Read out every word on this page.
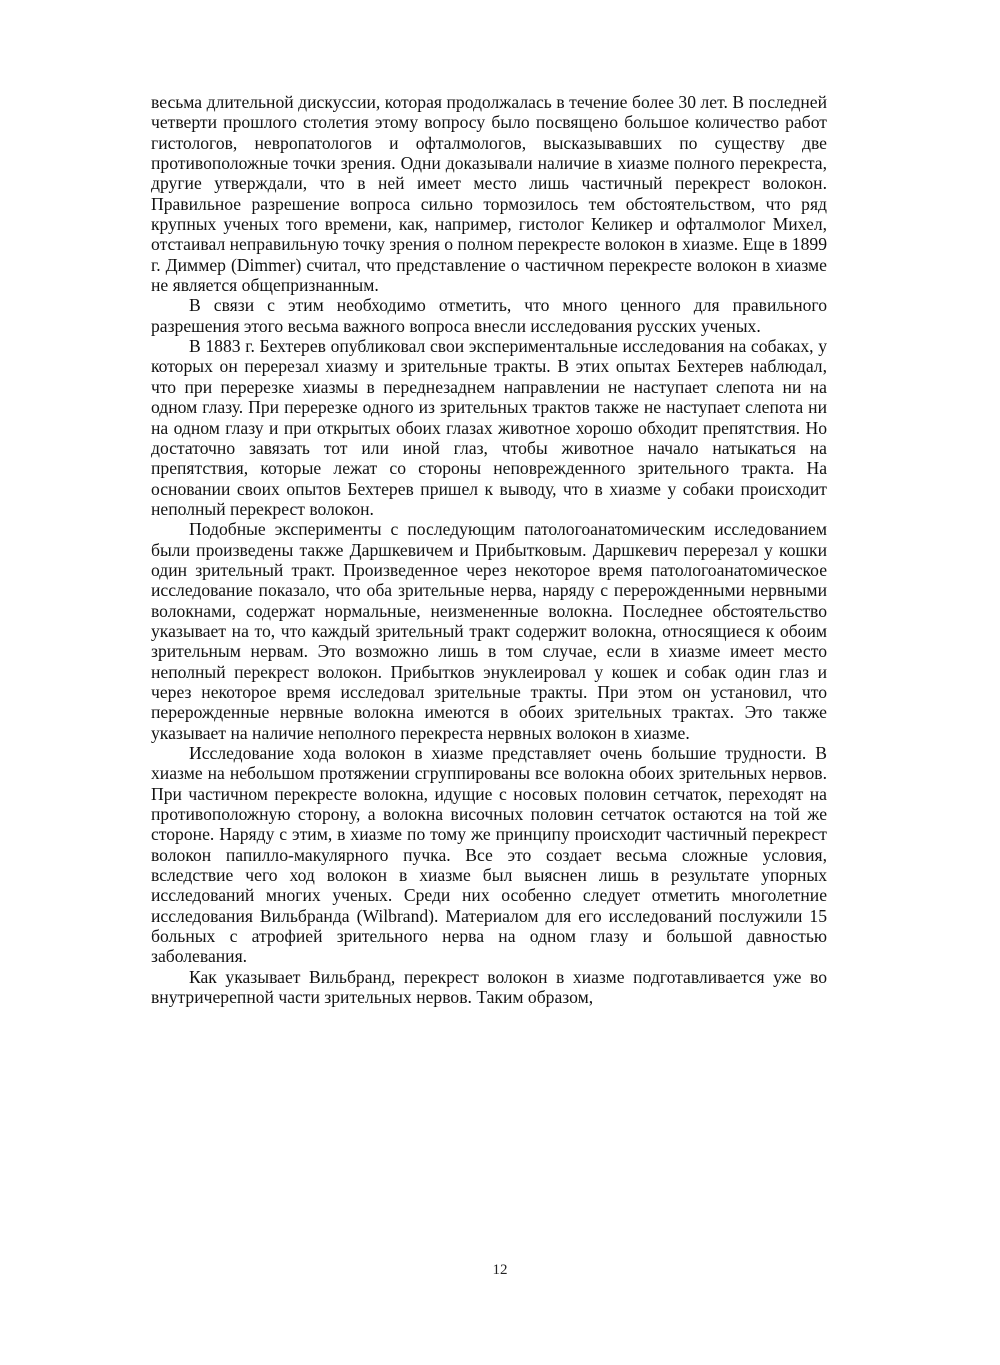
весьма длительной дискуссии, которая продолжалась в течение более 30 лет. В последней четверти прошлого столетия этому вопросу было посвящено большое количество работ гистологов, невропатологов и офталмологов, высказывавших по существу две противоположные точки зрения. Одни доказывали наличие в хиазме полного перекреста, другие утверждали, что в ней имеет место лишь частичный перекрест волокон. Правильное разрешение вопроса сильно тормозилось тем обстоятельством, что ряд крупных ученых того времени, как, например, гистолог Келикер и офталмолог Михел, отстаивал неправильную точку зрения о полном перекресте волокон в хиазме. Еще в 1899 г. Диммер (Dimmer) считал, что представление о частичном перекресте волокон в хиазме не является общепризнанным.

В связи с этим необходимо отметить, что много ценного для правильного разрешения этого весьма важного вопроса внесли исследования русских ученых.

В 1883 г. Бехтерев опубликовал свои экспериментальные исследования на собаках, у которых он перерезал хиазму и зрительные тракты. В этих опытах Бехтерев наблюдал, что при перерезке хиазмы в переднезаднем направлении не наступает слепота ни на одном глазу. При перерезке одного из зрительных трактов также не наступает слепота ни на одном глазу и при открытых обоих глазах животное хорошо обходит препятствия. Но достаточно завязать тот или иной глаз, чтобы животное начало натыкаться на препятствия, которые лежат со стороны неповрежденного зрительного тракта. На основании своих опытов Бехтерев пришел к выводу, что в хиазме у собаки происходит неполный перекрест волокон.

Подобные эксперименты с последующим патологоанатомическим исследованием были произведены также Даршкевичем и Прибытковым. Даршкевич перерезал у кошки один зрительный тракт. Произведенное через некоторое время патологоанатомическое исследование показало, что оба зрительные нерва, наряду с перерожденными нервными волокнами, содержат нормальные, неизмененные волокна. Последнее обстоятельство указывает на то, что каждый зрительный тракт содержит волокна, относящиеся к обоим зрительным нервам. Это возможно лишь в том случае, если в хиазме имеет место неполный перекрест волокон. Прибытков энуклеировал у кошек и собак один глаз и через некоторое время исследовал зрительные тракты. При этом он установил, что перерожденные нервные волокна имеются в обоих зрительных трактах. Это также указывает на наличие неполного перекреста нервных волокон в хиазме.

Исследование хода волокон в хиазме представляет очень большие трудности. В хиазме на небольшом протяжении сгруппированы все волокна обоих зрительных нервов. При частичном перекресте волокна, идущие с носовых половин сетчаток, переходят на противоположную сторону, а волокна височных половин сетчаток остаются на той же стороне. Наряду с этим, в хиазме по тому же принципу происходит частичный перекрест волокон папилло-макулярного пучка. Все это создает весьма сложные условия, вследствие чего ход волокон в хиазме был выяснен лишь в результате упорных исследований многих ученых. Среди них особенно следует отметить многолетние исследования Вильбранда (Wilbrand). Материалом для его исследований послужили 15 больных с атрофией зрительного нерва на одном глазу и большой давностью заболевания.

Как указывает Вильбранд, перекрест волокон в хиазме подготавливается уже во внутричерепной части зрительных нервов. Таким образом,

12
